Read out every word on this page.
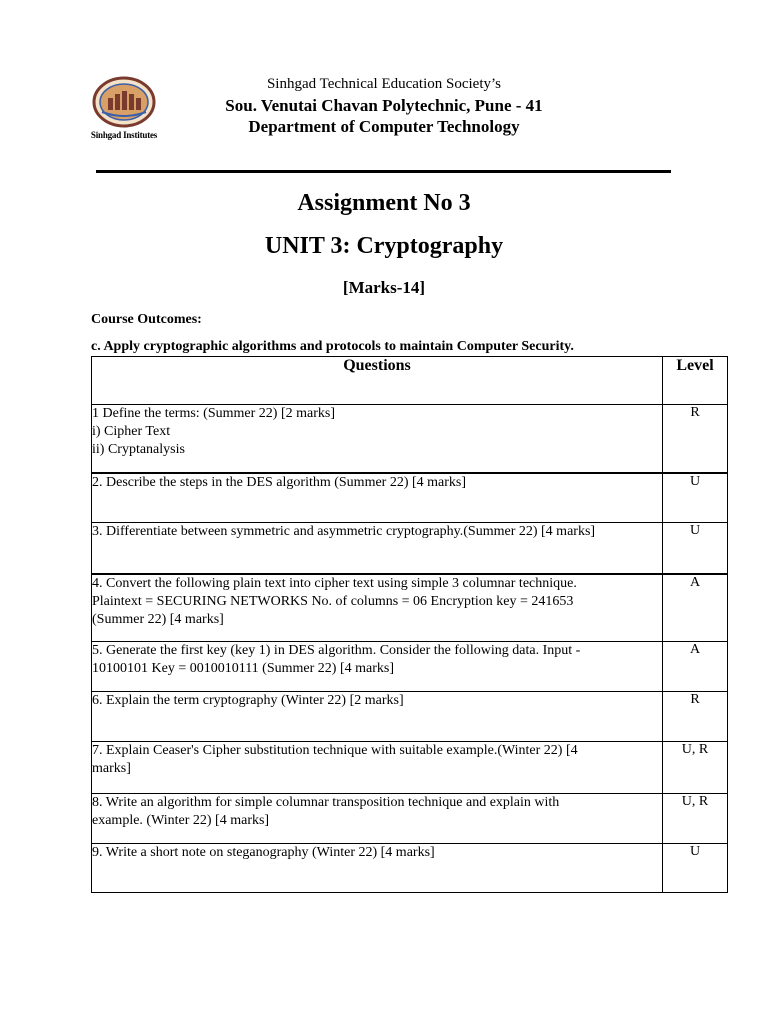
Sinhgad Institutes
Sinhgad Technical Education Society’s
Sou. Venutai Chavan Polytechnic, Pune - 41
Department of Computer Technology
Assignment No 3
UNIT 3: Cryptography
[Marks-14]
Course Outcomes:
c. Apply cryptographic algorithms and protocols to maintain Computer Security.
Questions	Level

1 Define the terms: (Summer 22) [2 marks]
i) Cipher Text
ii) Cryptanalysis	R

2. Describe the steps in the DES algorithm (Summer 22) [4 marks]	U

3. Differentiate between symmetric and asymmetric cryptography.(Summer 22) [4 marks]	U

4. Convert the following plain text into cipher text using simple 3 columnar technique.
Plaintext = SECURING NETWORKS No. of columns = 06 Encryption key = 241653
(Summer 22) [4 marks]	A

5. Generate the first key (key 1) in DES algorithm. Consider the following data. Input -
10100101 Key = 0010010111 (Summer 22) [4 marks]	A

6. Explain the term cryptography (Winter 22) [2 marks]	R

7. Explain Ceaser's Cipher substitution technique with suitable example.(Winter 22) [4
marks]	U, R

8. Write an algorithm for simple columnar transposition technique and explain with
example. (Winter 22) [4 marks]	U, R

9. Write a short note on steganography (Winter 22) [4 marks]	U
